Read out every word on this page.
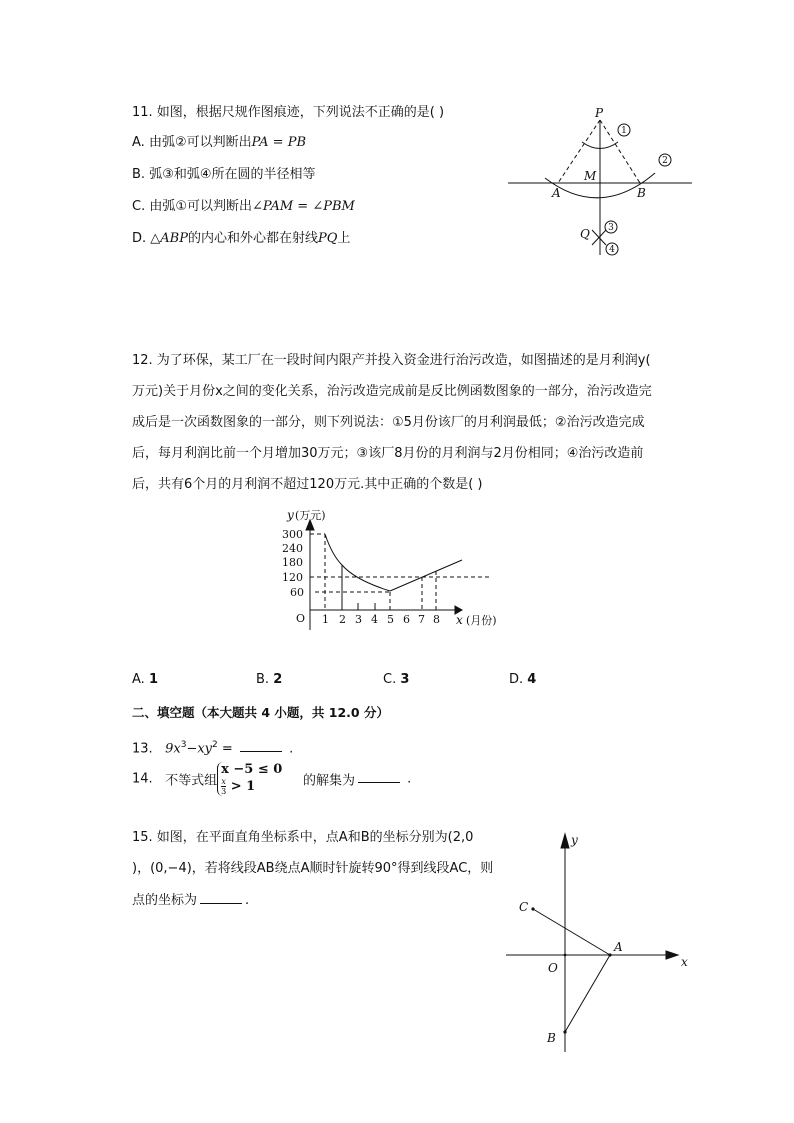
11. 如图，根据尺规作图痕迹，下列说法不正确的是( )
A. 由弧②可以判断出PA = PB
B. 弧③和弧④所在圆的半径相等
C. 由弧①可以判断出∠PAM = ∠PBM
D. △ABP的内心和外心都在射线PQ上
P
M
A	B
Q
1
2
3
4
12. 为了环保，某工厂在一段时间内限产并投入资金进行治污改造，如图描述的是月利润y(
万元)关于月份x之间的变化关系，治污改造完成前是反比例函数图象的一部分，治污改造完
成后是一次函数图象的一部分，则下列说法：①5月份该厂的月利润最低；②治污改造完成
后，每月利润比前一个月增加30万元；③该厂8月份的月利润与2月份相同；④治污改造前
后，共有6个月的月利润不超过120万元.其中正确的个数是( )
y (万元)
300
240
180
120
60
O 1 2 3 4 5 6 7 8 x (月份)
A. 1	B. 2	C. 3	D. 4
二、填空题（本大题共 4 小题，共 12.0 分）
13. $9x^3-xy^2$ =	.
14. 不等式组
x −5 ≤ 0
$\frac{x}{3} > 1$	的解集为	.
15. 如图，在平面直角坐标系中，点A和B的坐标分别为(2,0
)，(0,−4)，若将线段AB绕点A顺时针旋转90°得到线段AC，则
点的坐标为	.
y
x
O
A
B
C
